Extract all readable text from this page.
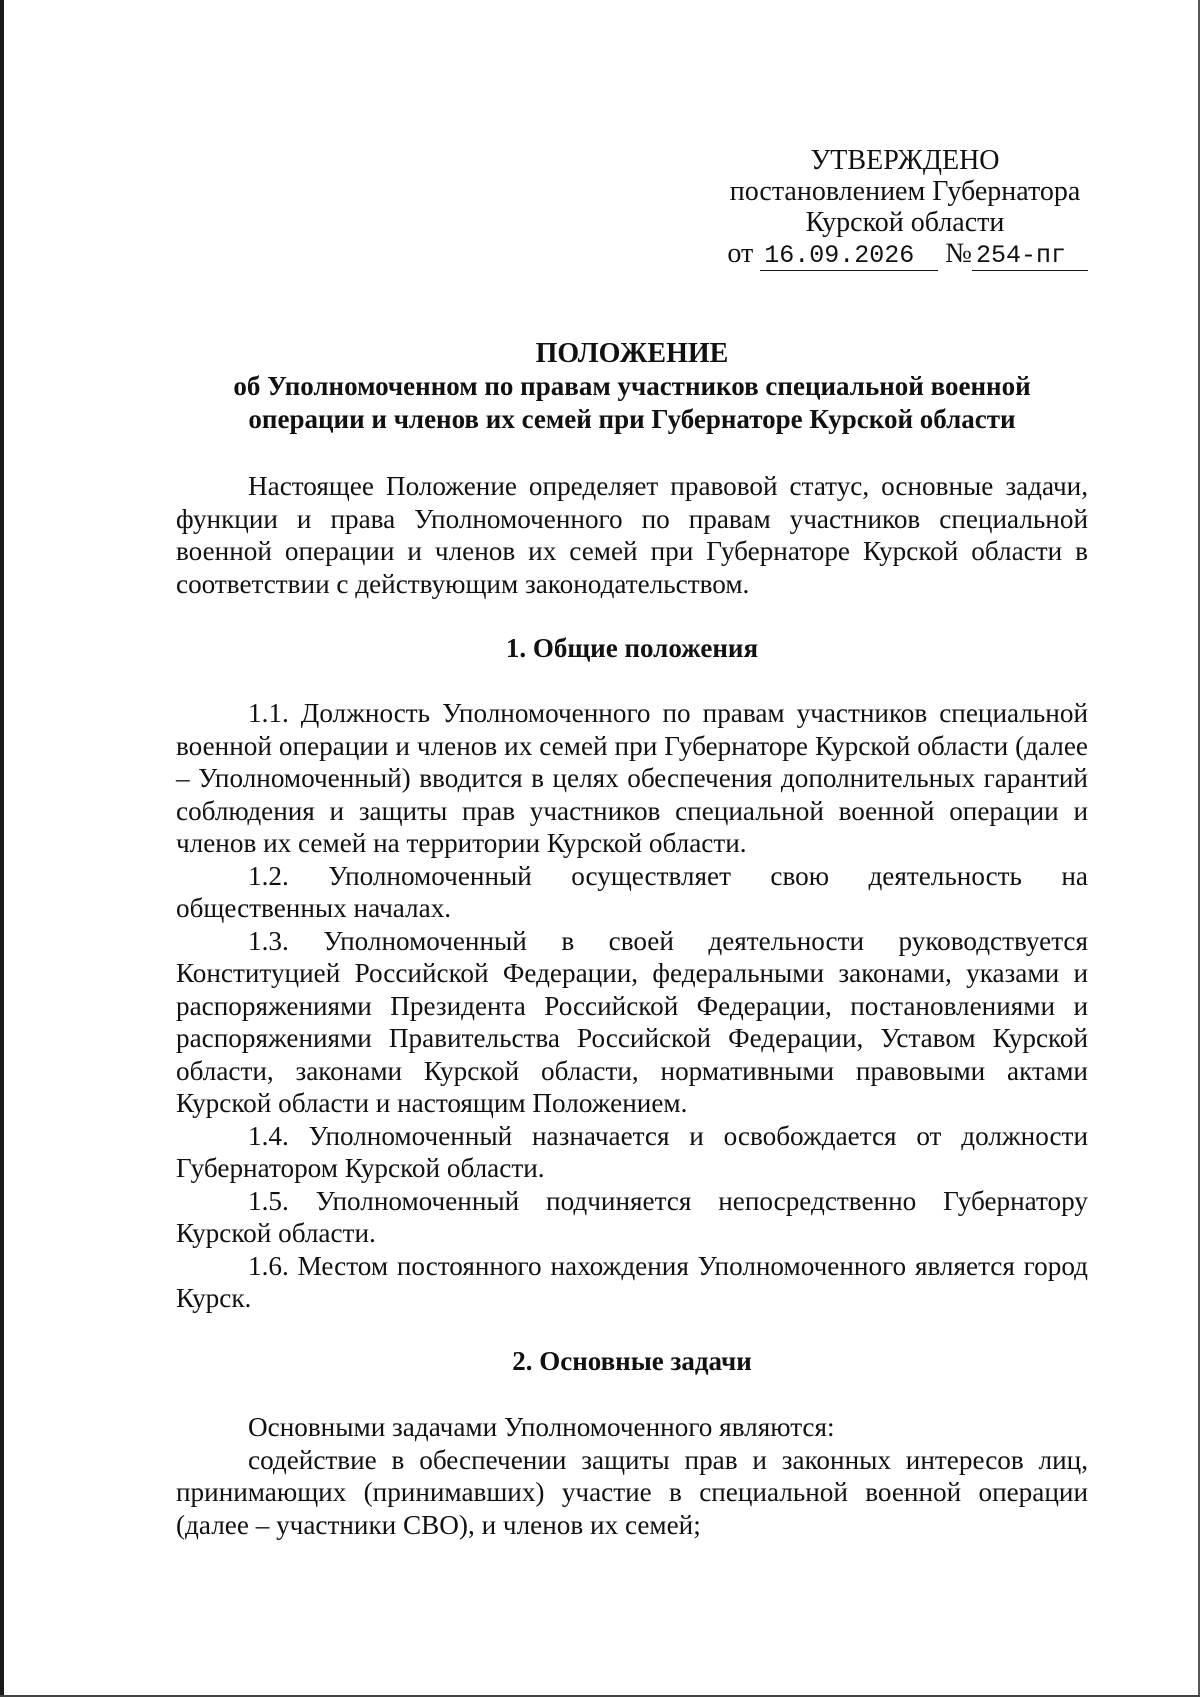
УТВЕРЖДЕНО
постановлением Губернатора
Курской области
от 16.09.2026 № 254-пг
ПОЛОЖЕНИЕ
об Уполномоченном по правам участников специальной военной
операции и членов их семей при Губернаторе Курской области

Настоящее Положение определяет правовой статус, основные задачи, функции и права Уполномоченного по правам участников специальной военной операции и членов их семей при Губернаторе Курской области в соответствии с действующим законодательством.

1. Общие положения

1.1. Должность Уполномоченного по правам участников специальной военной операции и членов их семей при Губернаторе Курской области (далее – Уполномоченный) вводится в целях обеспечения дополнительных гарантий соблюдения и защиты прав участников специальной военной операции и членов их семей на территории Курской области.

1.2. Уполномоченный осуществляет свою деятельность на общественных началах.

1.3. Уполномоченный в своей деятельности руководствуется Конституцией Российской Федерации, федеральными законами, указами и распоряжениями Президента Российской Федерации, постановлениями и распоряжениями Правительства Российской Федерации, Уставом Курской области, законами Курской области, нормативными правовыми актами Курской области и настоящим Положением.

1.4. Уполномоченный назначается и освобождается от должности Губернатором Курской области.

1.5. Уполномоченный подчиняется непосредственно Губернатору Курской области.

1.6. Местом постоянного нахождения Уполномоченного является город Курск.

2. Основные задачи

Основными задачами Уполномоченного являются:

содействие в обеспечении защиты прав и законных интересов лиц, принимающих (принимавших) участие в специальной военной операции (далее – участники СВО), и членов их семей;
